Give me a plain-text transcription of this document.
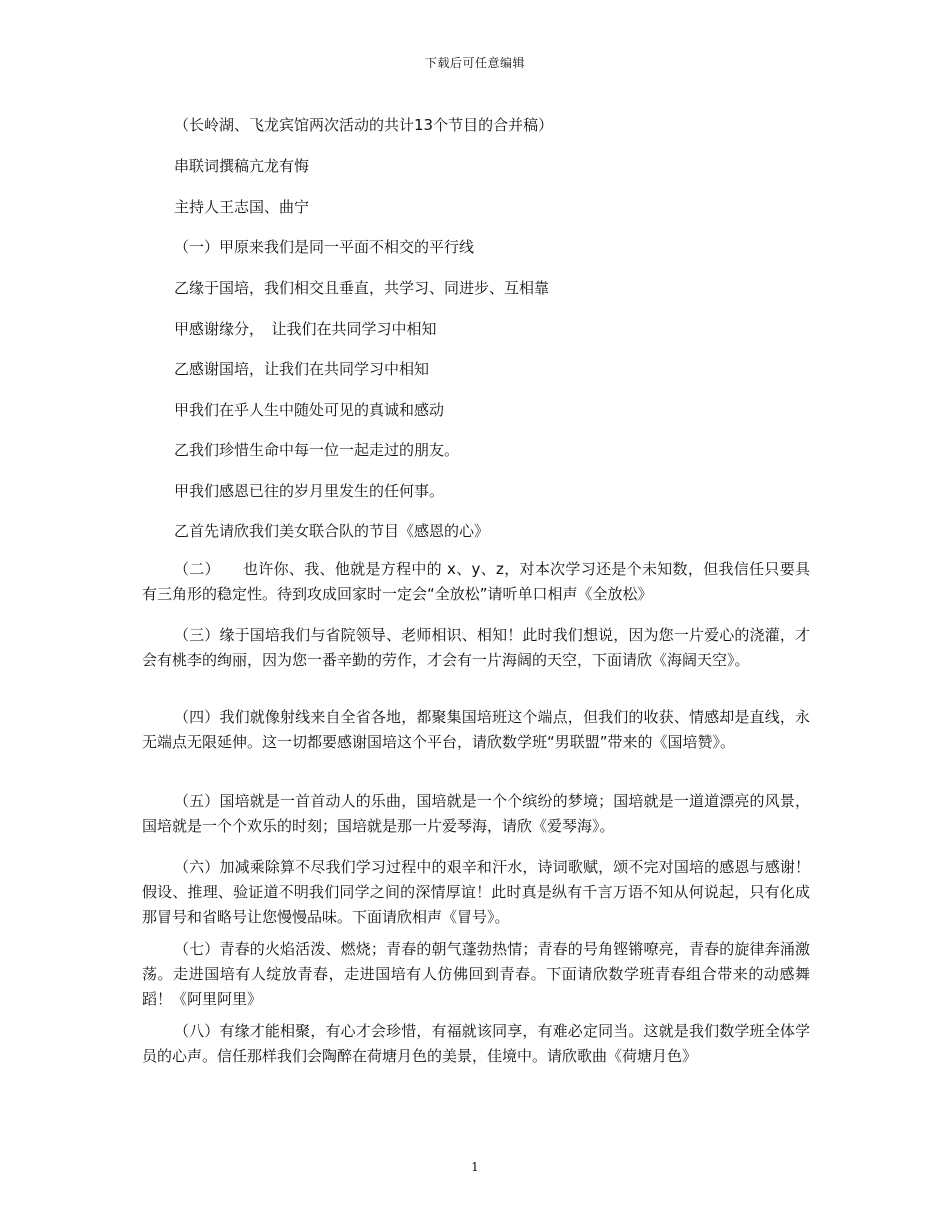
下载后可任意编辑
（长岭湖、飞龙宾馆两次活动的共计13个节目的合并稿）
串联词撰稿亢龙有悔
主持人王志国、曲宁
（一）甲原来我们是同一平面不相交的平行线
乙缘于国培，我们相交且垂直，共学习、同进步、互相靠
甲感谢缘分，　让我们在共同学习中相知
乙感谢国培，让我们在共同学习中相知
甲我们在乎人生中随处可见的真诚和感动
乙我们珍惜生命中每一位一起走过的朋友。
甲我们感恩已往的岁月里发生的任何事。
乙首先请欣我们美女联合队的节目《感恩的心》
（二）　　也许你、我、他就是方程中的 x、y、z，对本次学习还是个未知数，但我信任只要具有三角形的稳定性。待到攻成回家时一定会“全放松”请听单口相声《全放松》
（三）缘于国培我们与省院领导、老师相识、相知！此时我们想说，因为您一片爱心的浇灌，才会有桃李的绚丽，因为您一番辛勤的劳作，才会有一片海阔的天空，下面请欣《海阔天空》。
（四）我们就像射线来自全省各地，都聚集国培班这个端点，但我们的收获、情感却是直线，永无端点无限延伸。这一切都要感谢国培这个平台，请欣数学班“男联盟”带来的《国培赞》。
（五）国培就是一首首动人的乐曲，国培就是一个个缤纷的梦境；国培就是一道道漂亮的风景，国培就是一个个欢乐的时刻；国培就是那一片爱琴海，请欣《爱琴海》。
（六）加减乘除算不尽我们学习过程中的艰辛和汗水，诗词歌赋，颂不完对国培的感恩与感谢！假设、推理、验证道不明我们同学之间的深情厚谊！此时真是纵有千言万语不知从何说起，只有化成那冒号和省略号让您慢慢品味。下面请欣相声《冒号》。
（七）青春的火焰活泼、燃烧；青春的朝气蓬勃热情；青春的号角铿锵嘹亮，青春的旋律奔涌激荡。走进国培有人绽放青春，走进国培有人仿佛回到青春。下面请欣数学班青春组合带来的动感舞蹈！《阿里阿里》
（八）有缘才能相聚，有心才会珍惜，有福就该同享，有难必定同当。这就是我们数学班全体学员的心声。信任那样我们会陶醉在荷塘月色的美景，佳境中。请欣歌曲《荷塘月色》
1
